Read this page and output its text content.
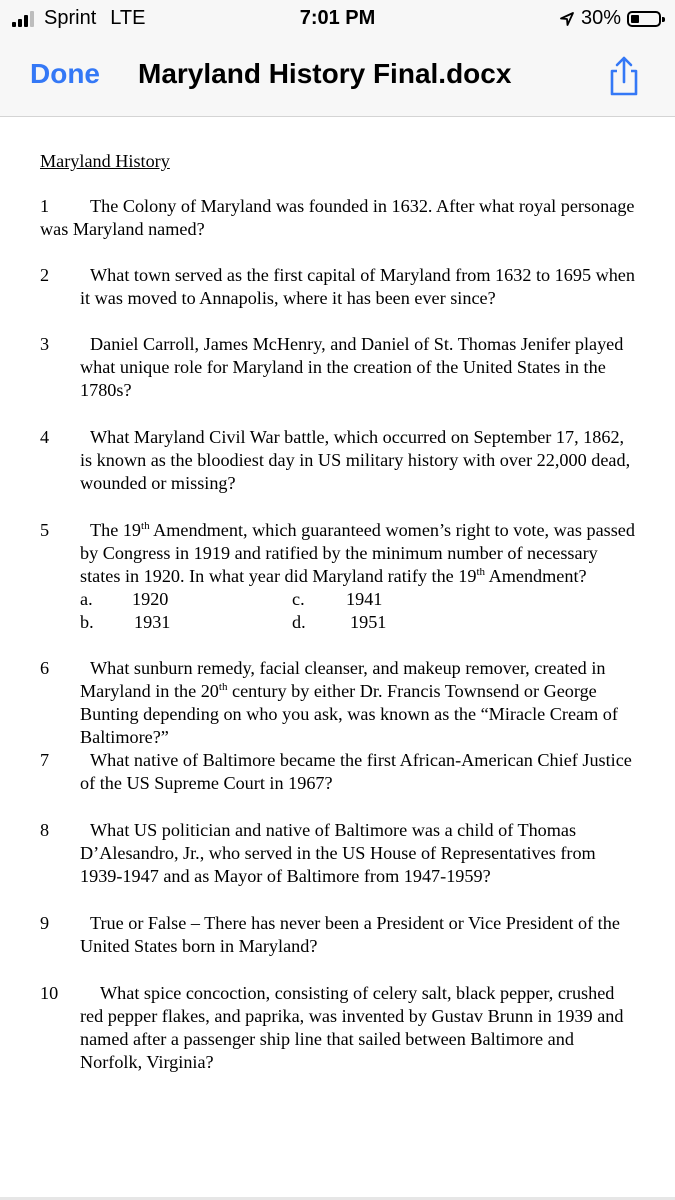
Sprint LTE	7:01 PM	30%
Done Maryland History Final.docx
Maryland History
1 The Colony of Maryland was founded in 1632. After what royal personage was Maryland named?
2	What town served as the first capital of Maryland from 1632 to 1695 when it was moved to Annapolis, where it has been ever since?
3	Daniel Carroll, James McHenry, and Daniel of St. Thomas Jenifer played what unique role for Maryland in the creation of the United States in the 1780s?
4	What Maryland Civil War battle, which occurred on September 17, 1862, is known as the bloodiest day in US military history with over 22,000 dead, wounded or missing?
5	The 19th Amendment, which guaranteed women’s right to vote, was passed by Congress in 1919 and ratified by the minimum number of necessary states in 1920. In what year did Maryland ratify the 19th Amendment?
a.	1920	c.	1941
b.	1931	d.	1951
6	What sunburn remedy, facial cleanser, and makeup remover, created in Maryland in the 20th century by either Dr. Francis Townsend or George Bunting depending on who you ask, was known as the “Miracle Cream of Baltimore?”
7	What native of Baltimore became the first African-American Chief Justice of the US Supreme Court in 1967?
8	What US politician and native of Baltimore was a child of Thomas D’Alesandro, Jr., who served in the US House of Representatives from 1939-1947 and as Mayor of Baltimore from 1947-1959?
9	True or False – There has never been a President or Vice President of the United States born in Maryland?
10	What spice concoction, consisting of celery salt, black pepper, crushed red pepper flakes, and paprika, was invented by Gustav Brunn in 1939 and named after a passenger ship line that sailed between Baltimore and Norfolk, Virginia?
